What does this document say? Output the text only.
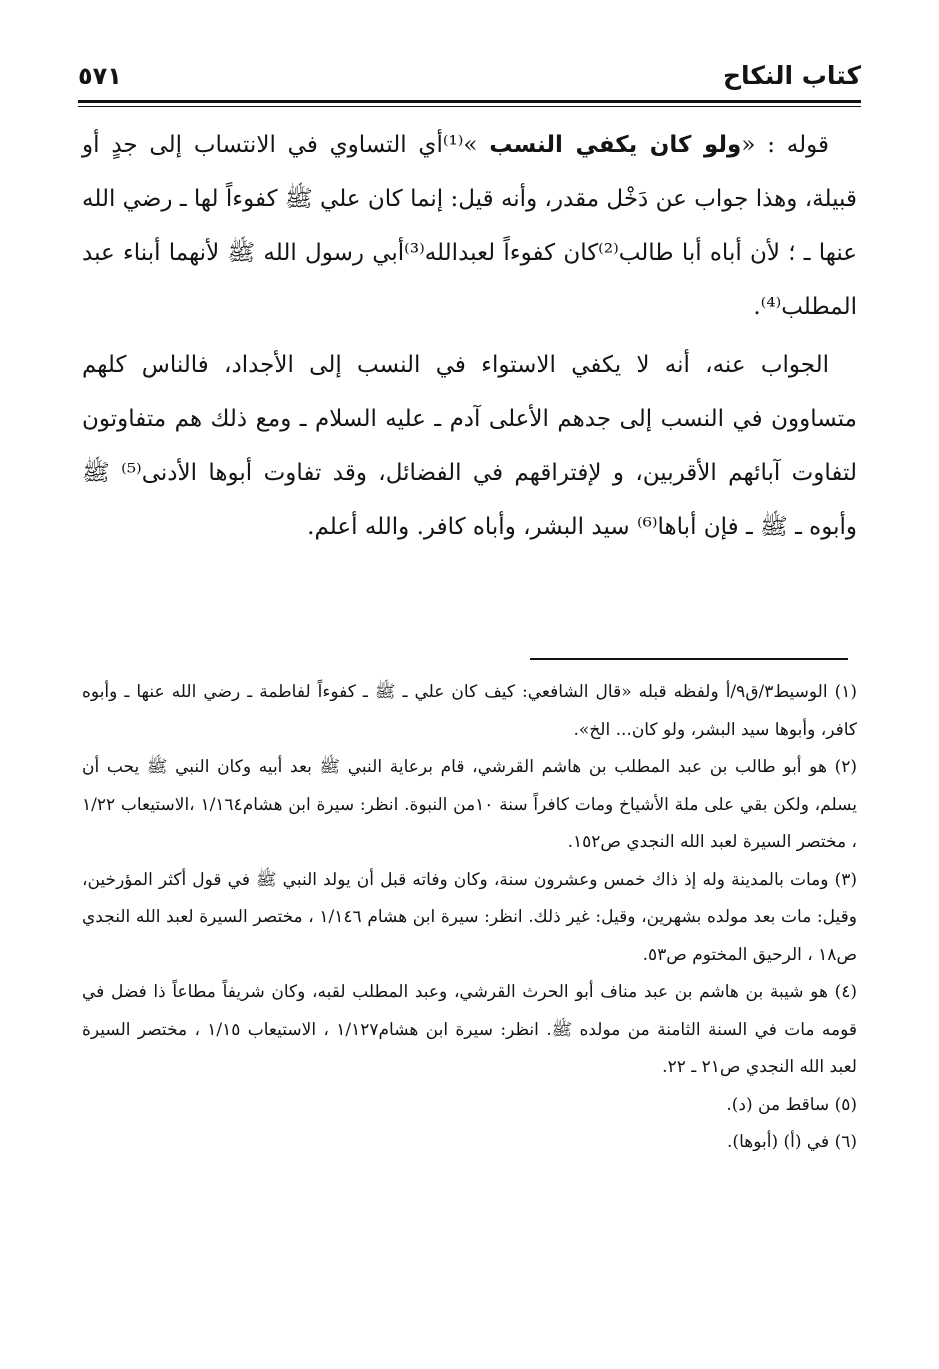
كتاب النكاح
٥٧١

قوله : «ولو كان يكفي النسب »⁽¹⁾أي التساوي في الانتساب إلى جدٍ أو قبيلة، وهذا جواب عن دَخْل مقدر، وأنه قيل: إنما كان علي ﷺ كفوءاً لها ـ رضي الله عنها ـ ؛ لأن أباه أبا طالب⁽²⁾كان كفوءاً لعبدالله⁽³⁾أبي رسول الله ﷺ لأنهما أبناء عبد المطلب⁽⁴⁾.

الجواب عنه، أنه لا يكفي الاستواء في النسب إلى الأجداد، فالناس كلهم متساوون في النسب إلى جدهم الأعلى آدم ـ عليه السلام ـ ومع ذلك هم متفاوتون لتفاوت آبائهم الأقربين، و لإفتراقهم في الفضائل، وقد تفاوت أبوها الأدنى⁽⁵⁾ ﷺ وأبوه ـ ﷺ ـ فإن أباها⁽⁶⁾ سيد البشر، وأباه كافر. والله أعلم.

(١) الوسيط٣/ق٩/أ ولفظه قبله «قال الشافعي: كيف كان علي ـ ﷺ ـ كفوءاً لفاطمة ـ رضي الله عنها ـ وأبوه كافر، وأبوها سيد البشر، ولو كان... الخ».

(٢) هو أبو طالب بن عبد المطلب بن هاشم القرشي، قام برعاية النبي ﷺ بعد أبيه وكان النبي ﷺ يحب أن يسلم، ولكن بقي على ملة الأشياخ ومات كافراً سنة ١٠من النبوة. انظر: سيرة ابن هشام١/١٦٤ ،الاستيعاب ١/٢٢ ، مختصر السيرة لعبد الله النجدي ص١٥٢.

(٣) ومات بالمدينة وله إذ ذاك خمس وعشرون سنة، وكان وفاته قبل أن يولد النبي ﷺ في قول أكثر المؤرخين، وقيل: مات بعد مولده بشهرين، وقيل: غير ذلك. انظر: سيرة ابن هشام ١/١٤٦ ، مختصر السيرة لعبد الله النجدي ص١٨ ، الرحيق المختوم ص٥٣.

(٤) هو شيبة بن هاشم بن عبد مناف أبو الحرث القرشي، وعبد المطلب لقبه، وكان شريفاً مطاعاً ذا فضل في قومه مات في السنة الثامنة من مولده ﷺ. انظر: سيرة ابن هشام١/١٢٧ ، الاستيعاب ١/١٥ ، مختصر السيرة لعبد الله النجدي ص٢١ ـ ٢٢.

(٥) ساقط من (د).

(٦) في (أ) (أبوها).
